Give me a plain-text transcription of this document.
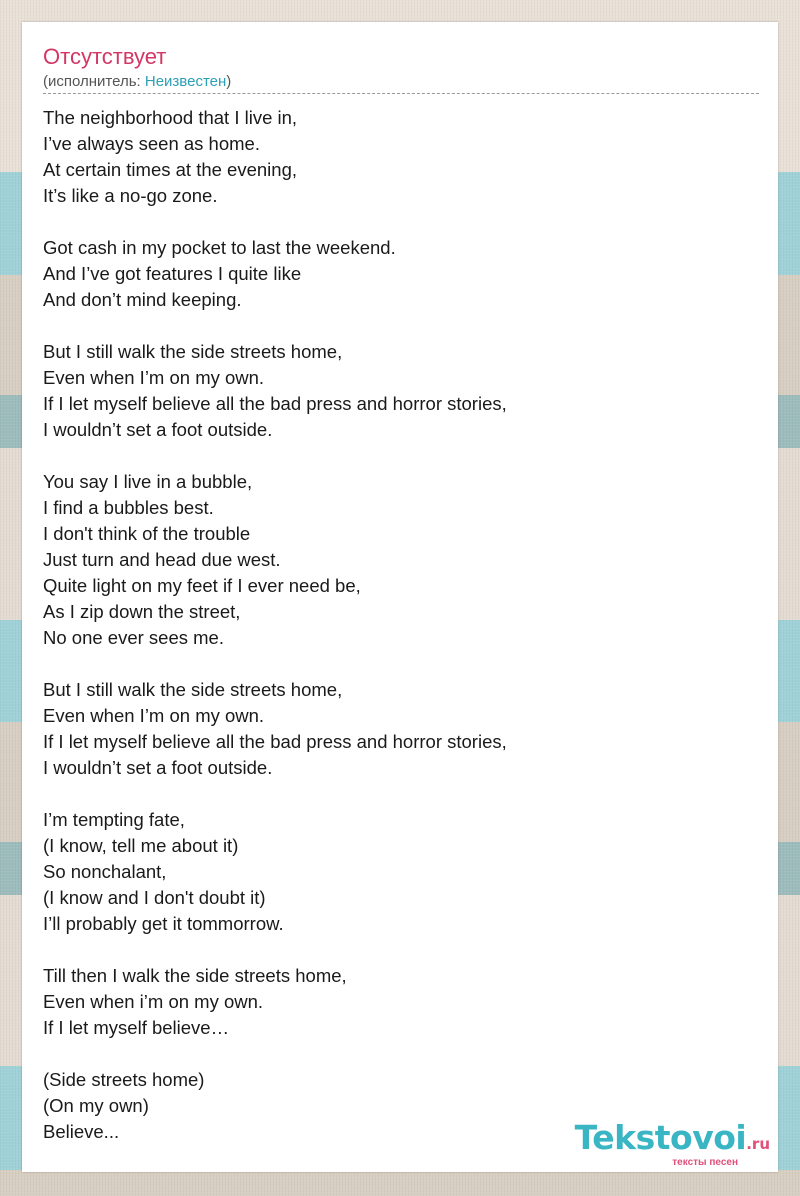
Отсутствует
(исполнитель: Неизвестен)
The neighborhood that I live in,
I’ve always seen as home.
At certain times at the evening,
It’s like a no-go zone.
Got cash in my pocket to last the weekend.
And I’ve got features I quite like
And don’t mind keeping.
But I still walk the side streets home,
Even when I’m on my own.
If I let myself believe all the bad press and horror stories,
I wouldn’t set a foot outside.
You say I live in a bubble,
I find a bubbles best.
I don't think of the trouble
Just turn and head due west.
Quite light on my feet if I ever need be,
As I zip down the street,
No one ever sees me.
But I still walk the side streets home,
Even when I’m on my own.
If I let myself believe all the bad press and horror stories,
I wouldn’t set a foot outside.
I’m tempting fate,
(I know, tell me about it)
So nonchalant,
(I know and I don't doubt it)
I’ll probably get it tommorrow.
Till then I walk the side streets home,
Even when i’m on my own.
If I let myself believe…
(Side streets home)
(On my own)
Believe...	Tekstovoi.ru
тексты песен
